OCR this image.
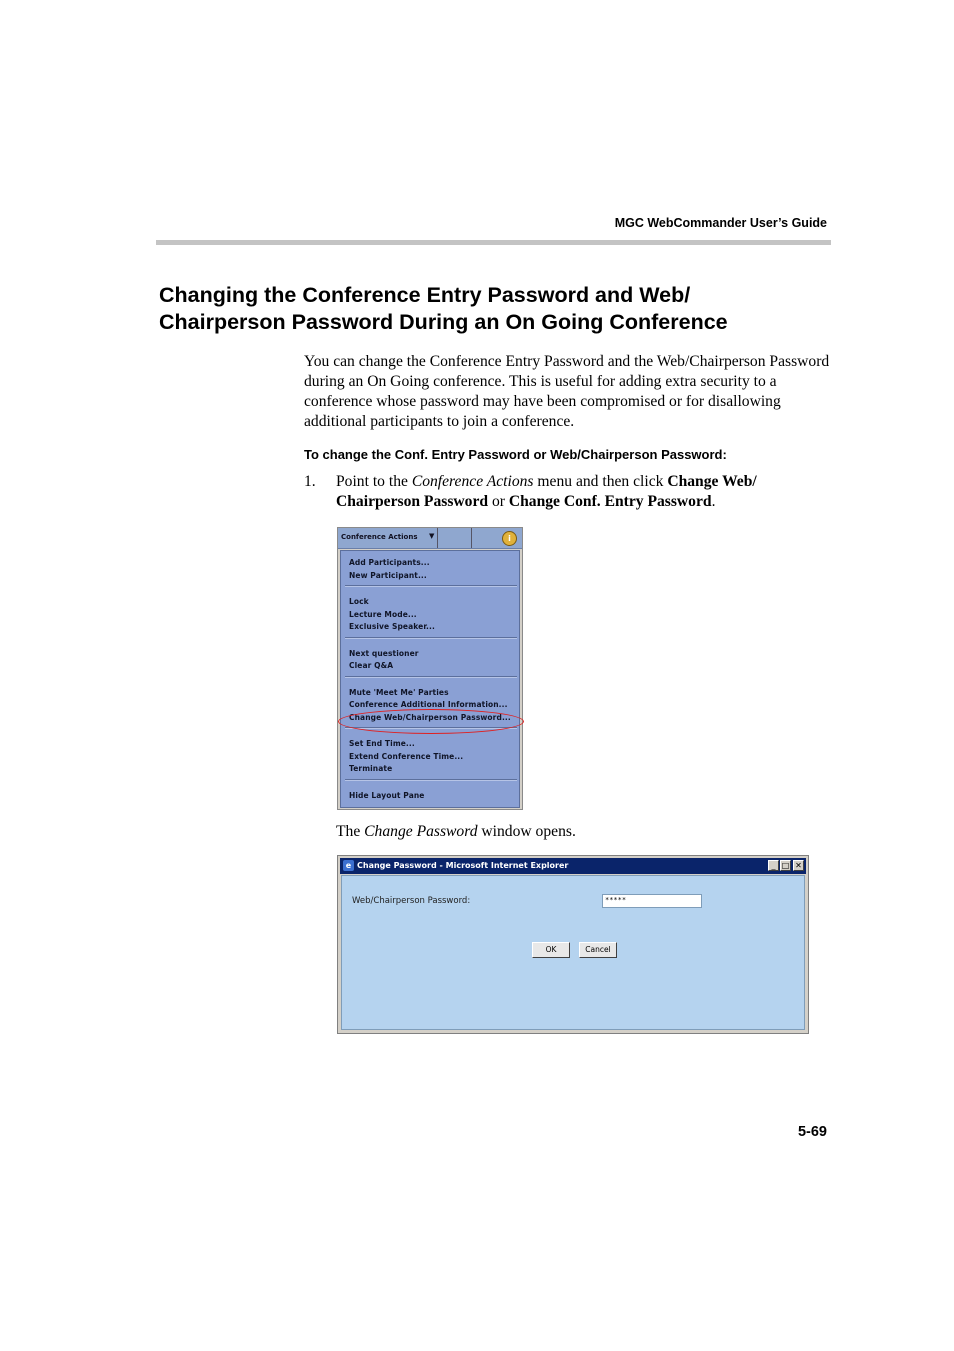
MGC WebCommander User’s Guide
Changing the Conference Entry Password and Web/
Chairperson Password During an On Going Conference

You can change the Conference Entry Password and the Web/Chairperson Password during an On Going conference. This is useful for adding extra security to a conference whose password may have been compromised or for disallowing additional participants to join a conference.

To change the Conf. Entry Password or Web/Chairperson Password:

1. Point to the Conference Actions menu and then click Change Web/ Chairperson Password or Change Conf. Entry Password.
Conference Actions ▼	i
Add Participants...
New Participant...
Lock
Lecture Mode...
Exclusive Speaker...
Next questioner
Clear Q&A
Mute 'Meet Me' Parties
Conference Additional Information...
Change Web/Chairperson Password...
Set End Time...
Extend Conference Time...
Terminate
Hide Layout Pane
The Change Password window opens.
e Change Password - Microsoft Internet Explorer	_ □ ✕
Web/Chairperson Password:	*****
OK	Cancel
5-69
